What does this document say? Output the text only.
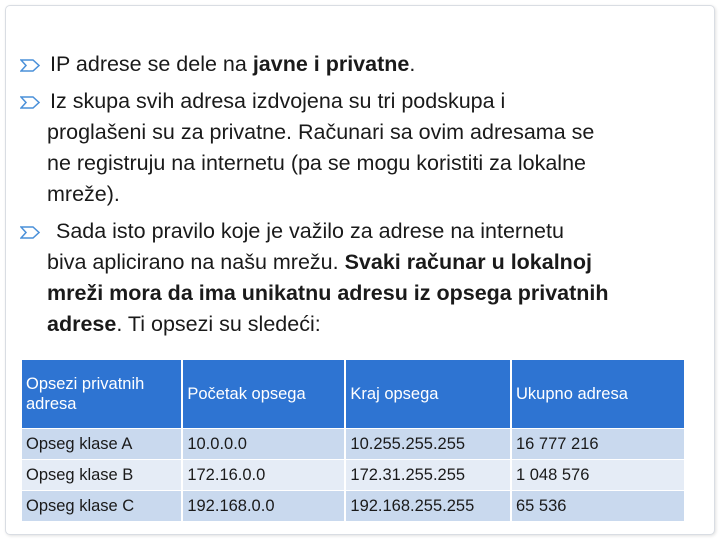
IP adrese se dele na javne i privatne.
Iz skupa svih adresa izdvojena su tri podskupa i
proglašeni su za privatne. Računari sa ovim adresama se
ne registruju na internetu (pa se mogu koristiti za lokalne
mreže).
Sada isto pravilo koje je važilo za adrese na internetu
biva aplicirano na našu mrežu. Svaki računar u lokalnoj
mreži mora da ima unikatnu adresu iz opsega privatnih
adrese. Ti opsezi su sledeći:
Opsezi privatnih adresa	Početak opsega	Kraj opsega	Ukupno adresa
Opseg klase A	10.0.0.0	10.255.255.255	16 777 216
Opseg klase B	172.16.0.0	172.31.255.255	1 048 576
Opseg klase C	192.168.0.0	192.168.255.255	65 536
